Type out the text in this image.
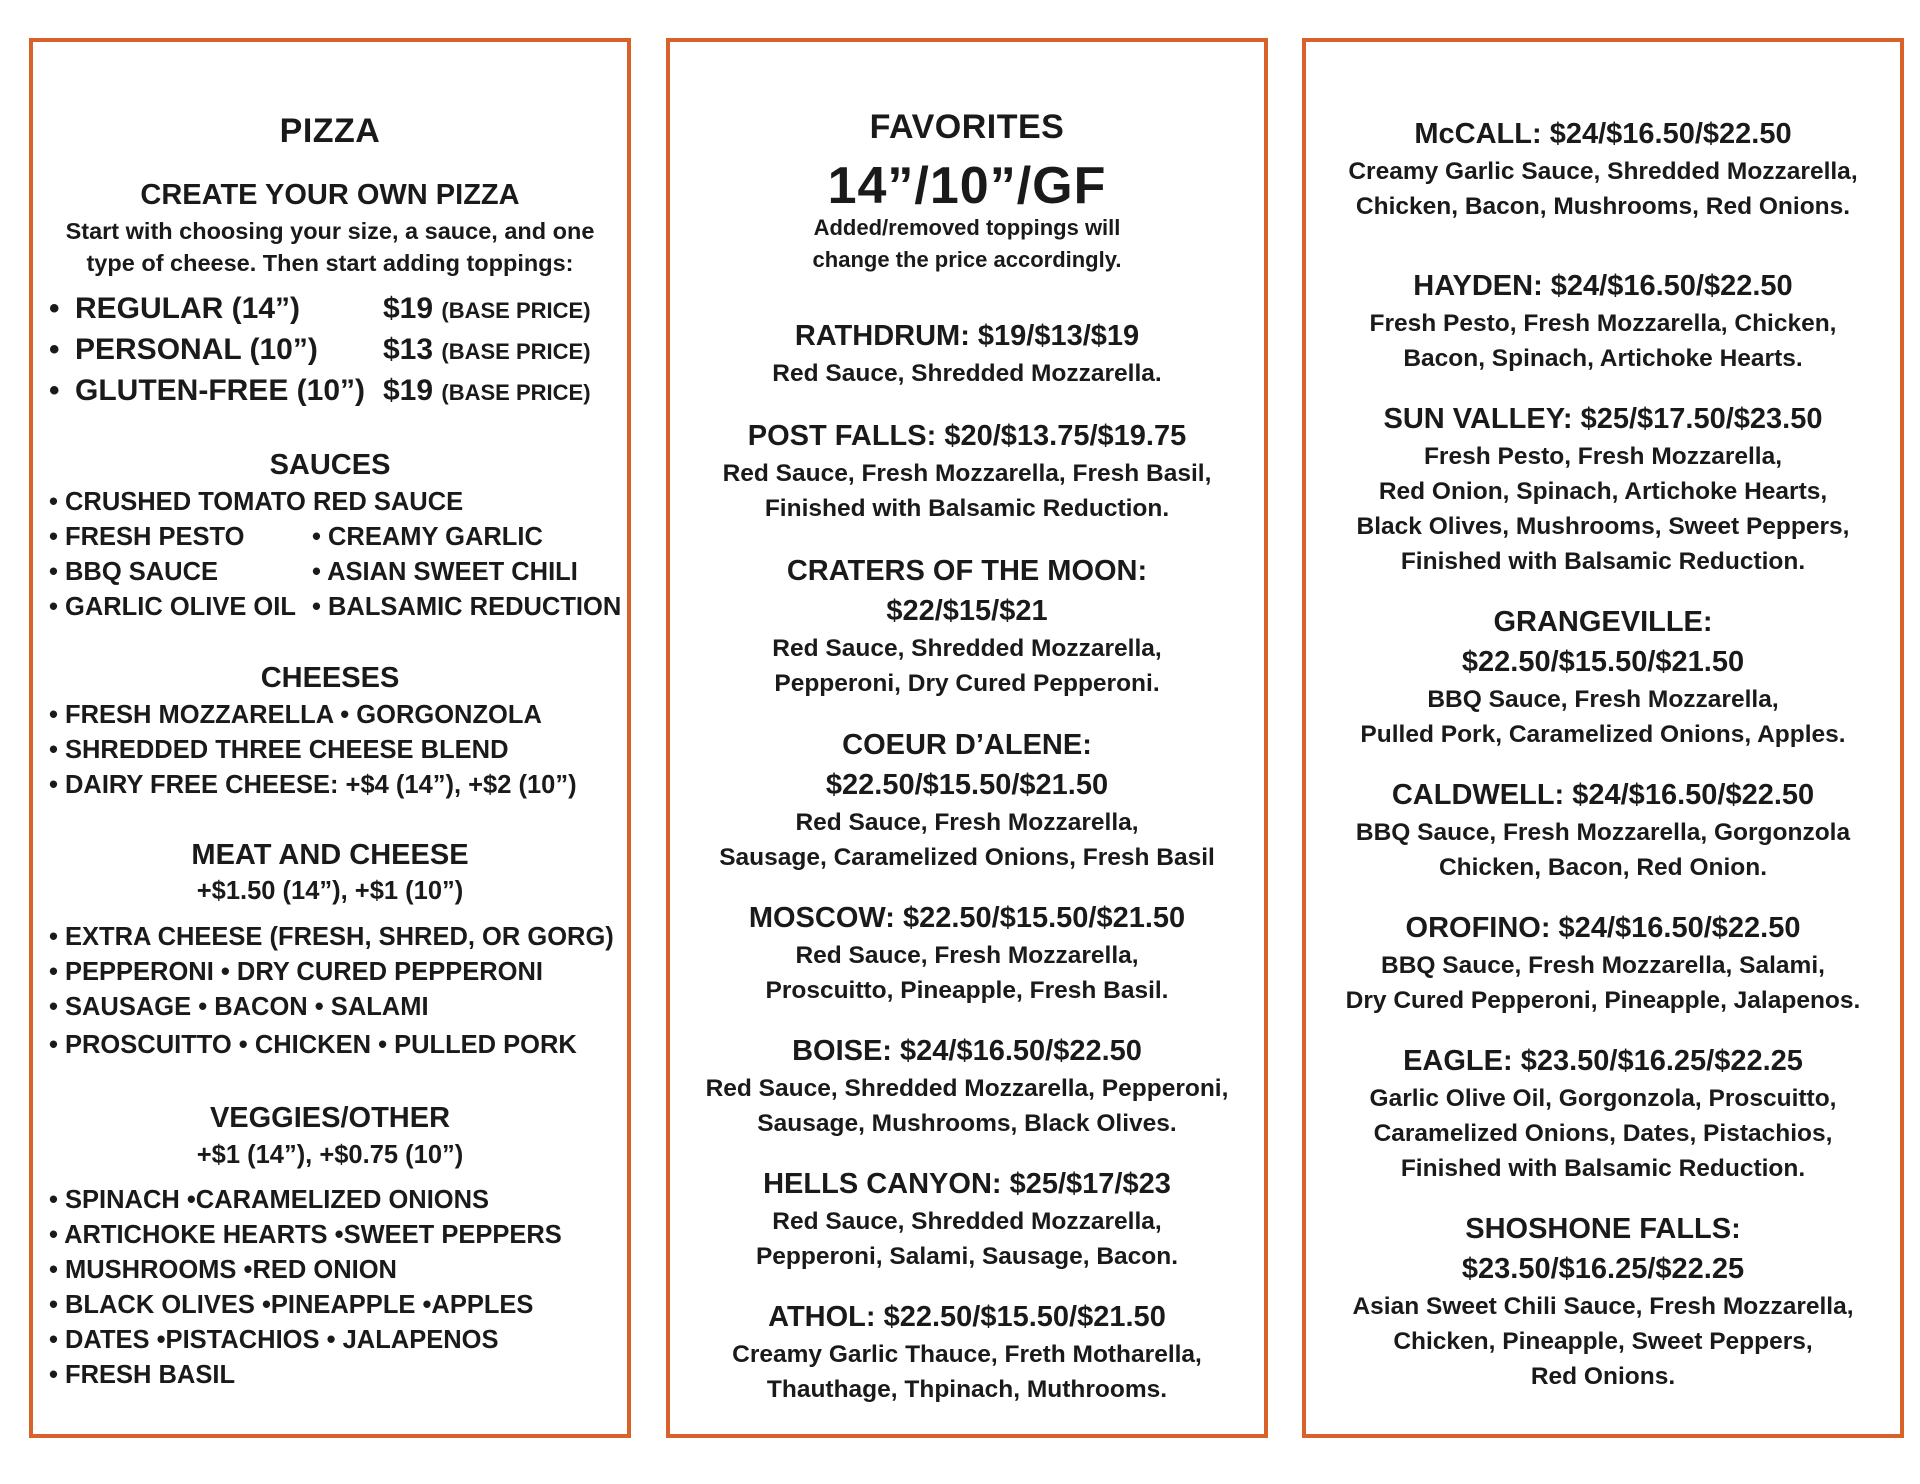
PIZZA
CREATE YOUR OWN PIZZA
Start with choosing your size, a sauce, and one
type of cheese. Then start adding toppings:
• REGULAR (14”)	$19 (BASE PRICE)
• PERSONAL (10”) $13 (BASE PRICE)
• GLUTEN-FREE (10”) $19 (BASE PRICE)
SAUCES
• CRUSHED TOMATO RED SAUCE
• FRESH PESTO	• CREAMY GARLIC
• BBQ SAUCE	• ASIAN SWEET CHILI
• GARLIC OLIVE OIL • BALSAMIC REDUCTION
CHEESES
• FRESH MOZZARELLA • GORGONZOLA
• SHREDDED THREE CHEESE BLEND
• DAIRY FREE CHEESE: +$4 (14”), +$2 (10”)
MEAT AND CHEESE
+$1.50 (14”), +$1 (10”)
• EXTRA CHEESE (FRESH, SHRED, OR GORG)
• PEPPERONI • DRY CURED PEPPERONI
• SAUSAGE • BACON • SALAMI
• PROSCUITTO • CHICKEN • PULLED PORK
VEGGIES/OTHER
+$1 (14”), +$0.75 (10”)
• SPINACH •CARAMELIZED ONIONS
• ARTICHOKE HEARTS •SWEET PEPPERS
• MUSHROOMS •RED ONION
• BLACK OLIVES •PINEAPPLE •APPLES
• DATES •PISTACHIOS • JALAPENOS
• FRESH BASIL
FAVORITES
14”/10”/GF
Added/removed toppings will
change the price accordingly.
RATHDRUM: $19/$13/$19
Red Sauce, Shredded Mozzarella.
POST FALLS: $20/$13.75/$19.75
Red Sauce, Fresh Mozzarella, Fresh Basil,
Finished with Balsamic Reduction.
CRATERS OF THE MOON:
$22/$15/$21
Red Sauce, Shredded Mozzarella,
Pepperoni, Dry Cured Pepperoni.
COEUR D’ALENE:
$22.50/$15.50/$21.50
Red Sauce, Fresh Mozzarella,
Sausage, Caramelized Onions, Fresh Basil
MOSCOW: $22.50/$15.50/$21.50
Red Sauce, Fresh Mozzarella,
Proscuitto, Pineapple, Fresh Basil.
BOISE: $24/$16.50/$22.50
Red Sauce, Shredded Mozzarella, Pepperoni,
Sausage, Mushrooms, Black Olives.
HELLS CANYON: $25/$17/$23
Red Sauce, Shredded Mozzarella,
Pepperoni, Salami, Sausage, Bacon.
ATHOL: $22.50/$15.50/$21.50
Creamy Garlic Thauce, Freth Motharella,
Thauthage, Thpinach, Muthrooms.
McCALL: $24/$16.50/$22.50
Creamy Garlic Sauce, Shredded Mozzarella,
Chicken, Bacon, Mushrooms, Red Onions.
HAYDEN: $24/$16.50/$22.50
Fresh Pesto, Fresh Mozzarella, Chicken,
Bacon, Spinach, Artichoke Hearts.
SUN VALLEY: $25/$17.50/$23.50
Fresh Pesto, Fresh Mozzarella,
Red Onion, Spinach, Artichoke Hearts,
Black Olives, Mushrooms, Sweet Peppers,
Finished with Balsamic Reduction.
GRANGEVILLE:
$22.50/$15.50/$21.50
BBQ Sauce, Fresh Mozzarella,
Pulled Pork, Caramelized Onions, Apples.
CALDWELL: $24/$16.50/$22.50
BBQ Sauce, Fresh Mozzarella, Gorgonzola
Chicken, Bacon, Red Onion.
OROFINO: $24/$16.50/$22.50
BBQ Sauce, Fresh Mozzarella, Salami,
Dry Cured Pepperoni, Pineapple, Jalapenos.
EAGLE: $23.50/$16.25/$22.25
Garlic Olive Oil, Gorgonzola, Proscuitto,
Caramelized Onions, Dates, Pistachios,
Finished with Balsamic Reduction.
SHOSHONE FALLS:
$23.50/$16.25/$22.25
Asian Sweet Chili Sauce, Fresh Mozzarella,
Chicken, Pineapple, Sweet Peppers,
Red Onions.
